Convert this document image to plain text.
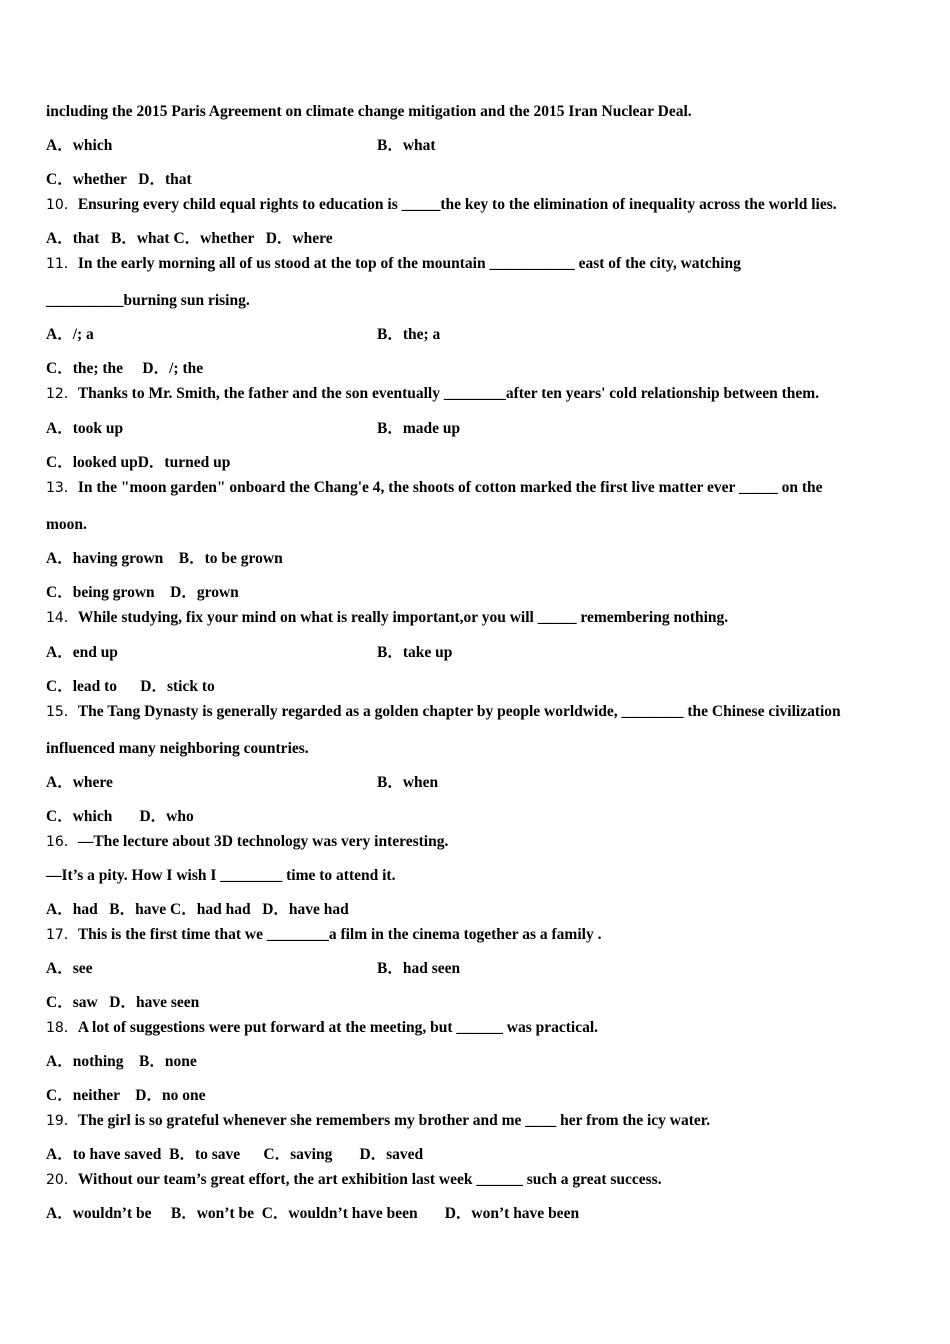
including the 2015 Paris Agreement on climate change mitigation and the 2015 Iran Nuclear Deal.
A．which	B．what
C．whether   D．that
10．Ensuring every child equal rights to education is _____the key to the elimination of inequality across the world lies.
A．that   B．what C．whether   D．where
11．In the early morning all of us stood at the top of the mountain ___________ east of the city, watching
__________burning sun rising.
A．/; a	B．the; a
C．the; the     D．/; the
12．Thanks to Mr. Smith, the father and the son eventually ________after ten years' cold relationship between them.
A．took up	B．made up
C．looked upD．turned up
13．In the "moon garden" onboard the Chang'e 4, the shoots of cotton marked the first live matter ever _____ on the
moon.
A．having grown    B．to be grown
C．being grown    D．grown
14．While studying, fix your mind on what is really important,or you will _____ remembering nothing.
A．end up	B．take up
C．lead to      D．stick to
15．The Tang Dynasty is generally regarded as a golden chapter by people worldwide, ________ the Chinese civilization
influenced many neighboring countries.
A．where	B．when
C．which       D．who
16．—The lecture about 3D technology was very interesting.
—It’s a pity. How I wish I ________ time to attend it.
A．had   B．have C．had had   D．have had
17．This is the first time that we ________a film in the cinema together as a family .
A．see	B．had seen
C．saw   D．have seen
18．A lot of suggestions were put forward at the meeting, but ______ was practical.
A．nothing    B．none
C．neither    D．no one
19．The girl is so grateful whenever she remembers my brother and me ____ her from the icy water.
A．to have saved  B．to save      C．saving       D．saved
20．Without our team’s great effort, the art exhibition last week ______ such a great success.
A．wouldn’t be     B．won’t be  C．wouldn’t have been       D．won’t have been
